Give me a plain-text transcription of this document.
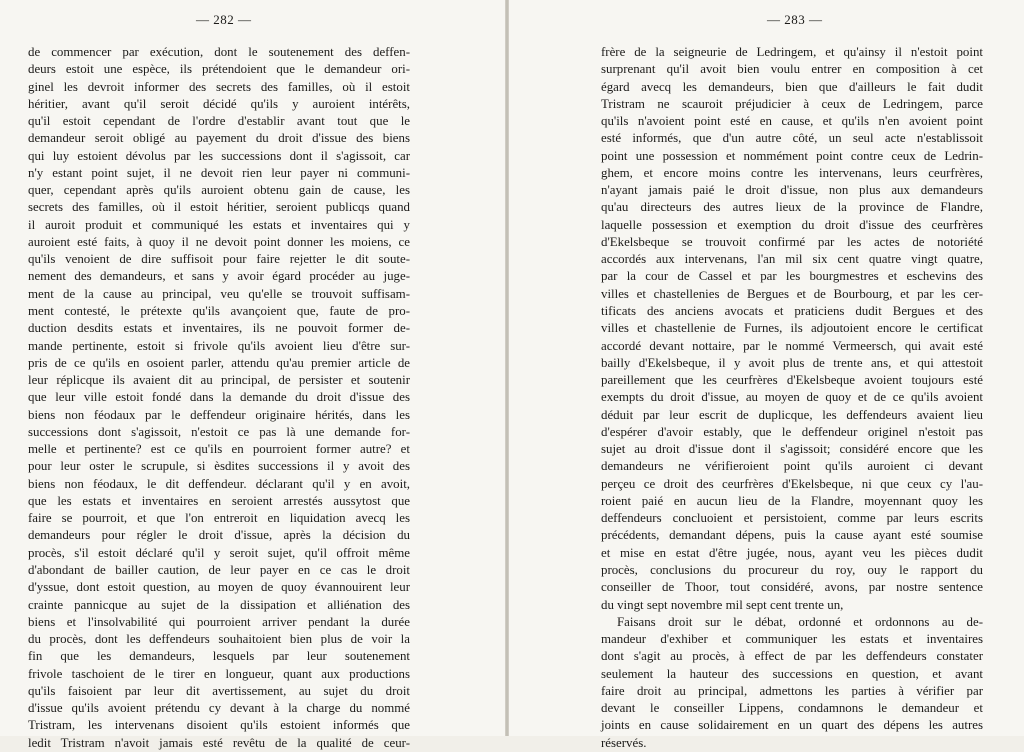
— 282 —
de commencer par exécution, dont le soutenement des deffen-
deurs estoit une espèce, ils prétendoient que le demandeur ori-
ginel les devroit informer des secrets des familles, où il estoit
héritier, avant qu'il seroit décidé qu'ils y auroient intérêts,
qu'il estoit cependant de l'ordre d'establir avant tout que le
demandeur seroit obligé au payement du droit d'issue des biens
qui luy estoient dévolus par les successions dont il s'agissoit, car
n'y estant point sujet, il ne devoit rien leur payer ni communi-
quer, cependant après qu'ils auroient obtenu gain de cause, les
secrets des familles, où il estoit héritier, seroient publicqs quand
il auroit produit et communiqué les estats et inventaires qui y
auroient esté faits, à quoy il ne devoit point donner les moiens, ce
qu'ils venoient de dire suffisoit pour faire rejetter le dit soute-
nement des demandeurs, et sans y avoir égard procéder au juge-
ment de la cause au principal, veu qu'elle se trouvoit suffisam-
ment contesté, le prétexte qu'ils avançoient que, faute de pro-
duction desdits estats et inventaires, ils ne pouvoit former de-
mande pertinente, estoit si frivole qu'ils avoient lieu d'être sur-
pris de ce qu'ils en osoient parler, attendu qu'au premier article de
leur réplicque ils avaient dit au principal, de persister et soutenir
que leur ville estoit fondé dans la demande du droit d'issue des
biens non féodaux par le deffendeur originaire hérités, dans les
successions dont s'agissoit, n'estoit ce pas là une demande for-
melle et pertinente? est ce qu'ils en pourroient former autre? et
pour leur oster le scrupule, si èsdites successions il y avoit des
biens non féodaux, le dit deffendeur. déclarant qu'il y en avoit,
que les estats et inventaires en seroient arrestés aussytost que
faire se pourroit, et que l'on entreroit en liquidation avecq les
demandeurs pour régler le droit d'issue, après la décision du
procès, s'il estoit déclaré qu'il y seroit sujet, qu'il offroit même
d'abondant de bailler caution, de leur payer en ce cas le droit
d'yssue, dont estoit question, au moyen de quoy évannouirent leur
crainte pannicque au sujet de la dissipation et alliénation des
biens et l'insolvabilité qui pourroient arriver pendant la durée
du procès, dont les deffendeurs souhaitoient bien plus de voir la
fin que les demandeurs, lesquels par leur soutenement
frivole taschoient de le tirer en longueur, quant aux productions
qu'ils faisoient par leur dit avertissement, au sujet du droit
d'issue qu'ils avoient prétendu cy devant à la charge du nommé
Tristram, les intervenans disoient qu'ils estoient informés que
ledit Tristram n'avoit jamais esté revêtu de la qualité de ceur-
— 283 —
frère de la seigneurie de Ledringem, et qu'ainsy il n'estoit point
surprenant qu'il avoit bien voulu entrer en composition à cet
égard avecq les demandeurs, bien que d'ailleurs le fait dudit
Tristram ne scauroit préjudicier à ceux de Ledringem, parce
qu'ils n'avoient point esté en cause, et qu'ils n'en avoient point
esté informés, que d'un autre côté, un seul acte n'establissoit
point une possession et nommément point contre ceux de Ledrin-
ghem, et encore moins contre les intervenans, leurs ceurfrères,
n'ayant jamais paié le droit d'issue, non plus aux demandeurs
qu'au directeurs des autres lieux de la province de Flandre,
laquelle possession et exemption du droit d'issue des ceurfrères
d'Ekelsbeque se trouvoit confirmé par les actes de notoriété
accordés aux intervenans, l'an mil six cent quatre vingt quatre,
par la cour de Cassel et par les bourgmestres et eschevins des
villes et chastellenies de Bergues et de Bourbourg, et par les cer-
tificats des anciens avocats et praticiens dudit Bergues et des
villes et chastellenie de Furnes, ils adjoutoient encore le certificat
accordé devant nottaire, par le nommé Vermeersch, qui avait esté
bailly d'Ekelsbeque, il y avoit plus de trente ans, et qui attestoit
pareillement que les ceurfrères d'Ekelsbeque avoient toujours esté
exempts du droit d'issue, au moyen de quoy et de ce qu'ils avoient
déduit par leur escrit de duplicque, les deffendeurs avaient lieu
d'espérer d'avoir estably, que le deffendeur originel n'estoit pas
sujet au droit d'issue dont il s'agissoit; considéré encore que les
demandeurs ne vérifieroient point qu'ils auroient ci devant
perçeu ce droit des ceurfrères d'Ekelsbeque, ni que ceux cy l'au-
roient paié en aucun lieu de la Flandre, moyennant quoy les
deffendeurs concluoient et persistoient, comme par leurs escrits
précédents, demandant dépens, puis la cause ayant esté soumise
et mise en estat d'être jugée, nous, ayant veu les pièces dudit
procès, conclusions du procureur du roy, ouy le rapport du
conseiller de Thoor, tout considéré, avons, par nostre sentence
du vingt sept novembre mil sept cent trente un,
Faisans droit sur le débat, ordonné et ordonnons au de-
mandeur d'exhiber et communiquer les estats et inventaires
dont s'agit au procès, à effect de par les deffendeurs constater
seulement la hauteur des successions en question, et avant
faire droit au principal, admettons les parties à vérifier par
devant le conseiller Lippens, condamnons le demandeur et
joints en cause solidairement en un quart des dépens les autres
réservés.
